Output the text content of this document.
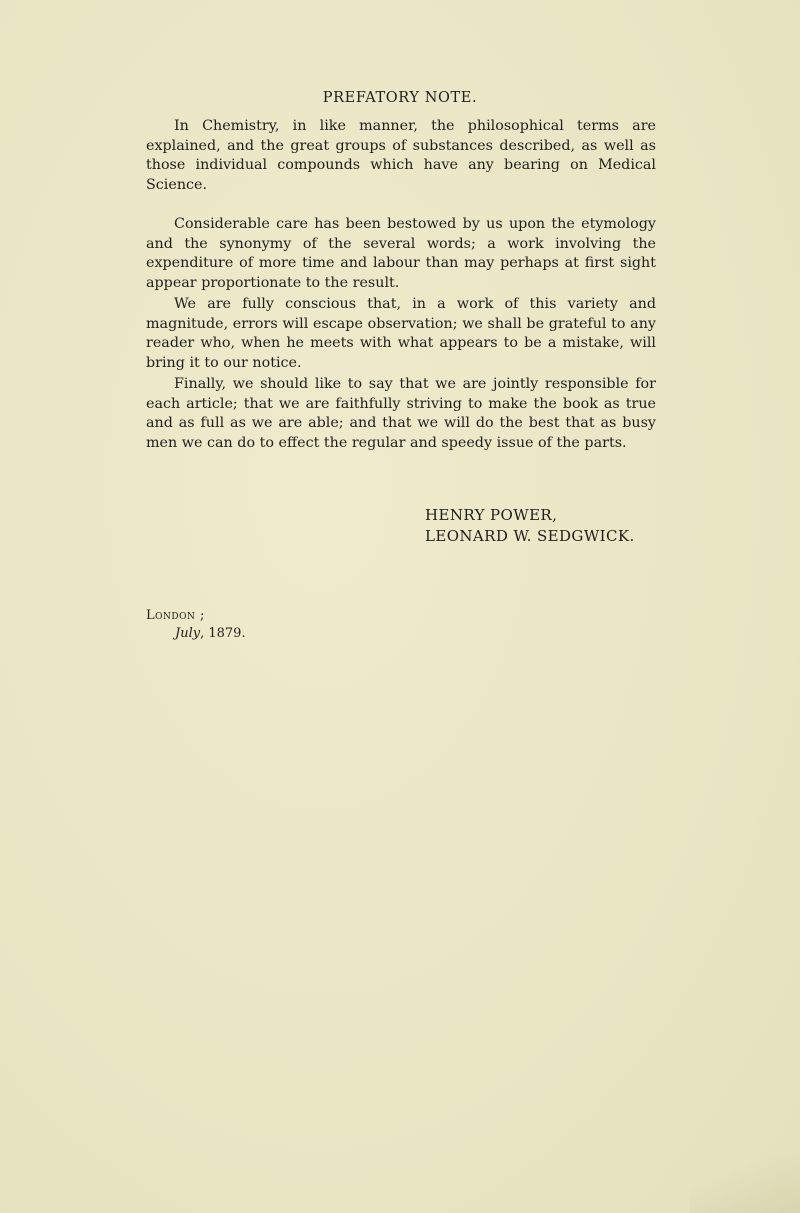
PREFATORY NOTE.

In Chemistry, in like manner, the philosophical terms are explained, and the great groups of substances described, as well as those individual compounds which have any bearing on Medical Science.

Considerable care has been bestowed by us upon the etymology and the synonymy of the several words; a work involving the expenditure of more time and labour than may perhaps at first sight appear proportionate to the result.

We are fully conscious that, in a work of this variety and magnitude, errors will escape observation; we shall be grateful to any reader who, when he meets with what appears to be a mistake, will bring it to our notice.

Finally, we should like to say that we are jointly responsible for each article; that we are faithfully striving to make the book as true and as full as we are able; and that we will do the best that as busy men we can do to effect the regular and speedy issue of the parts.

HENRY POWER,
LEONARD W. SEDGWICK.
London ;
July, 1879.
